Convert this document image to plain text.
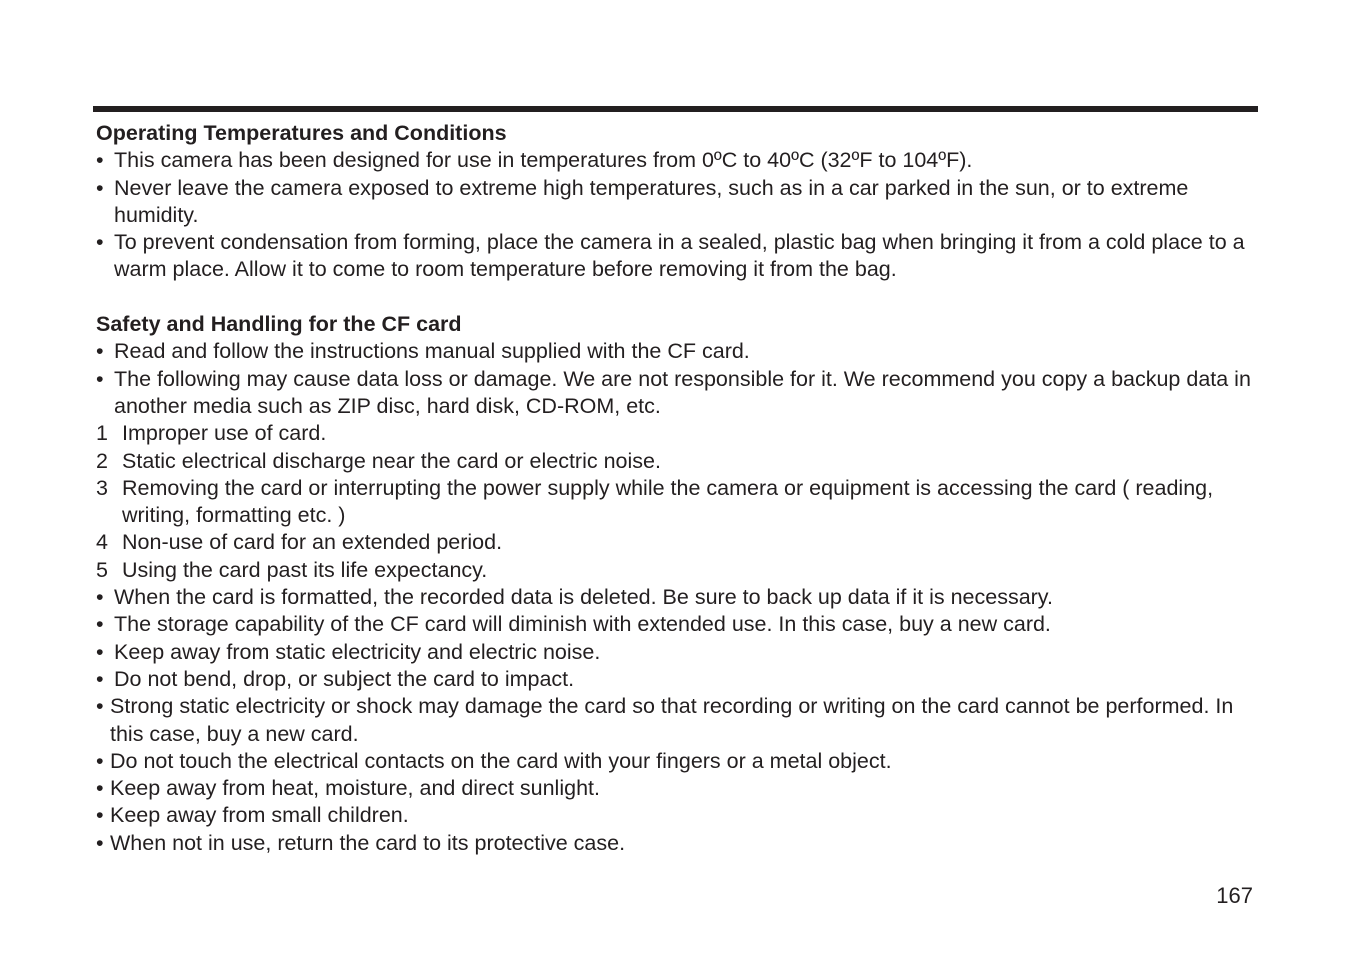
Operating Temperatures and Conditions

• This camera has been designed for use in temperatures from 0ºC to 40ºC (32ºF to 104ºF).
• Never leave the camera exposed to extreme high temperatures, such as in a car parked in the sun, or to extreme humidity.
• To prevent condensation from forming, place the camera in a sealed, plastic bag when bringing it from a cold place to a warm place. Allow it to come to room temperature before removing it from the bag.

Safety and Handling for the CF card

• Read and follow the instructions manual supplied with the CF card.
• The following may cause data loss or damage. We are not responsible for it. We recommend you copy a backup data in another media such as ZIP disc, hard disk, CD-ROM, etc.
1 Improper use of card.
2 Static electrical discharge near the card or electric noise.
3 Removing the card or interrupting the power supply while the camera or equipment is accessing the card ( reading, writing, formatting etc. )
4 Non-use of card for an extended period.
5 Using the card past its life expectancy.
• When the card is formatted, the recorded data is deleted. Be sure to back up data if it is necessary.
• The storage capability of the CF card will diminish with extended use. In this case, buy a new card.
• Keep away from static electricity and electric noise.
• Do not bend, drop, or subject the card to impact.
• Strong static electricity or shock may damage the card so that recording or writing on the card cannot be performed. In this case, buy a new card.
• Do not touch the electrical contacts on the card with your fingers or a metal object.
• Keep away from heat, moisture, and direct sunlight.
• Keep away from small children.
• When not in use, return the card to its protective case.
167
